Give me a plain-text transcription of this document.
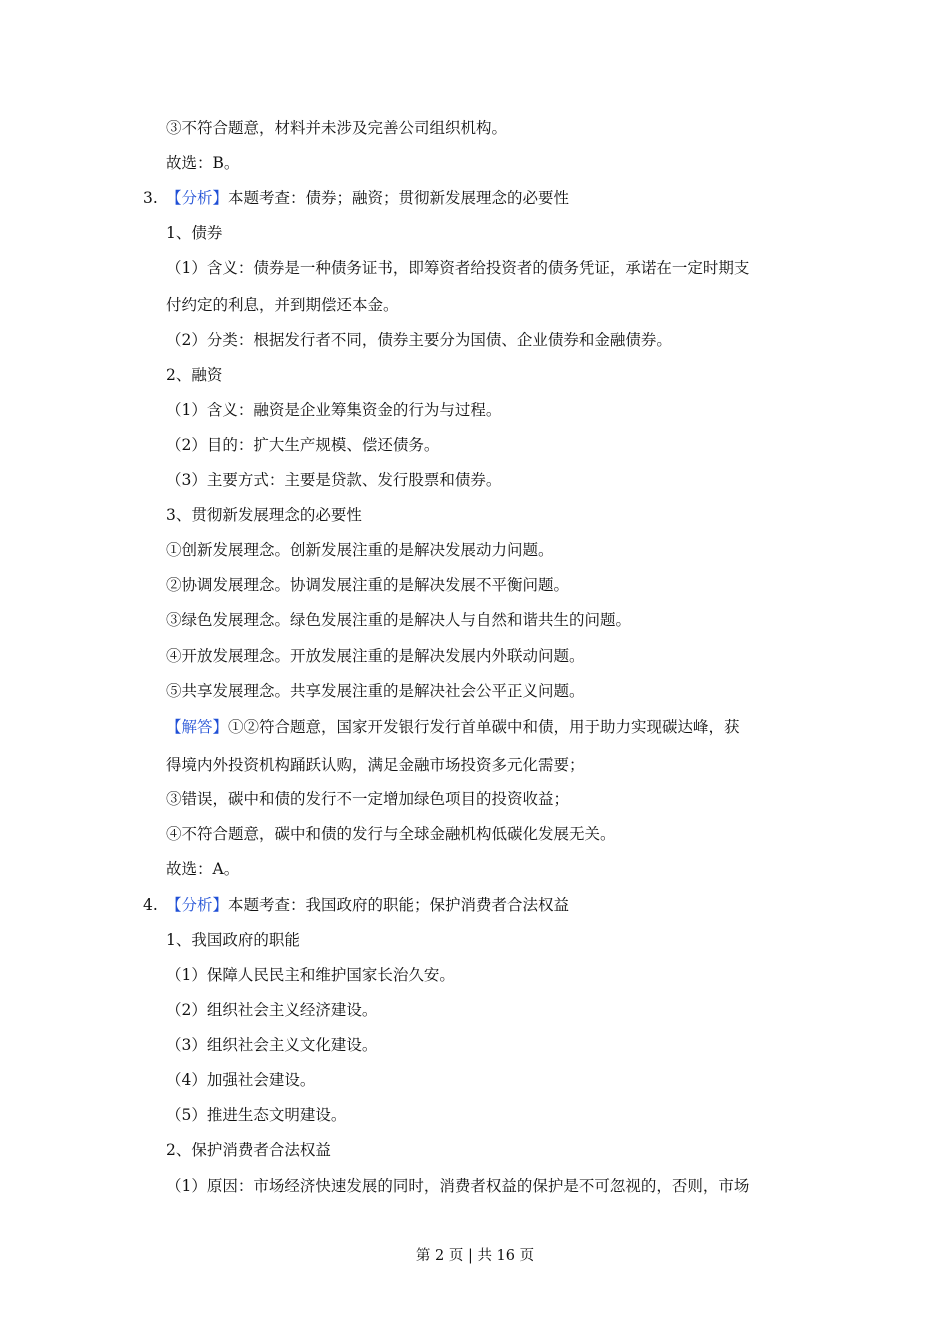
③不符合题意，材料并未涉及完善公司组织机构。
故选：B。
3. 【分析】本题考查：债券；融资；贯彻新发展理念的必要性
1、债券
（1）含义：债券是一种债务证书，即筹资者给投资者的债务凭证，承诺在一定时期支
付约定的利息，并到期偿还本金。
（2）分类：根据发行者不同，债券主要分为国债、企业债券和金融债券。
2、融资
（1）含义：融资是企业筹集资金的行为与过程。
（2）目的：扩大生产规模、偿还债务。
（3）主要方式：主要是贷款、发行股票和债券。
3、贯彻新发展理念的必要性
①创新发展理念。创新发展注重的是解决发展动力问题。
②协调发展理念。协调发展注重的是解决发展不平衡问题。
③绿色发展理念。绿色发展注重的是解决人与自然和谐共生的问题。
④开放发展理念。开放发展注重的是解决发展内外联动问题。
⑤共享发展理念。共享发展注重的是解决社会公平正义问题。
【解答】①②符合题意，国家开发银行发行首单碳中和债，用于助力实现碳达峰，获
得境内外投资机构踊跃认购，满足金融市场投资多元化需要；
③错误，碳中和债的发行不一定增加绿色项目的投资收益；
④不符合题意，碳中和债的发行与全球金融机构低碳化发展无关。
故选：A。
4. 【分析】本题考查：我国政府的职能；保护消费者合法权益
1、我国政府的职能
（1）保障人民民主和维护国家长治久安。
（2）组织社会主义经济建设。
（3）组织社会主义文化建设。
（4）加强社会建设。
（5）推进生态文明建设。
2、保护消费者合法权益
（1）原因：市场经济快速发展的同时，消费者权益的保护是不可忽视的，否则，市场
第 2 页 | 共 16 页
